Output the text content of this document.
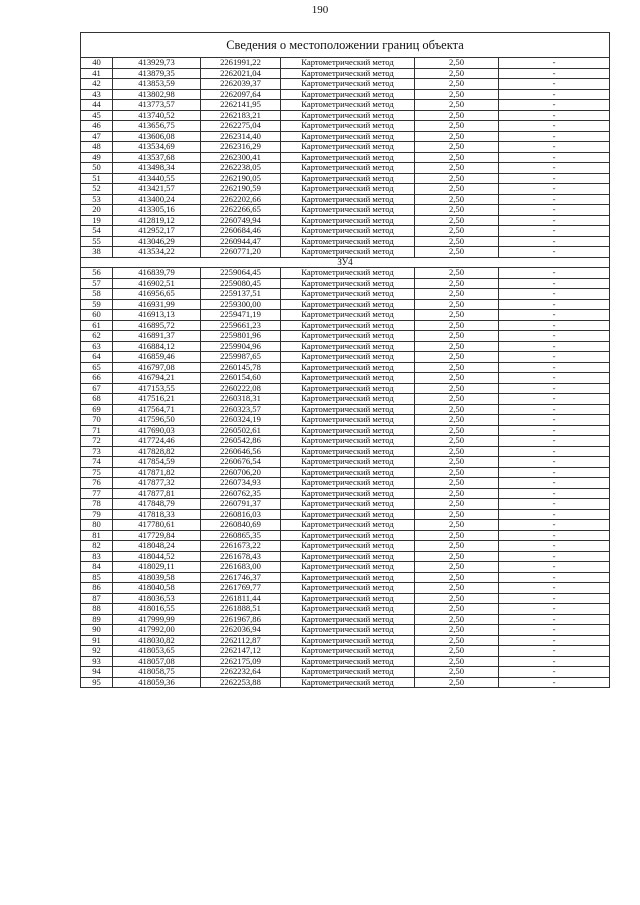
190
Сведения о местоположении границ объекта					
40	413929,73	2261991,22	Картометрический метод	2,50	-
41	413879,35	2262021,04	Картометрический метод	2,50	-
42	413853,59	2262039,37	Картометрический метод	2,50	-
43	413802,98	2262097,64	Картометрический метод	2,50	-
44	413773,57	2262141,95	Картометрический метод	2,50	-
45	413740,52	2262183,21	Картометрический метод	2,50	-
46	413656,75	2262275,04	Картометрический метод	2,50	-
47	413606,08	2262314,40	Картометрический метод	2,50	-
48	413534,69	2262316,29	Картометрический метод	2,50	-
49	413537,68	2262300,41	Картометрический метод	2,50	-
50	413498,34	2262238,05	Картометрический метод	2,50	-
51	413440,55	2262190,05	Картометрический метод	2,50	-
52	413421,57	2262190,59	Картометрический метод	2,50	-
53	413400,24	2262202,66	Картометрический метод	2,50	-
20	413305,16	2262266,65	Картометрический метод	2,50	-
19	412819,12	2260749,94	Картометрический метод	2,50	-
54	412952,17	2260684,46	Картометрический метод	2,50	-
55	413046,29	2260944,47	Картометрический метод	2,50	-
38	413534,22	2260771,20	Картометрический метод	2,50	-
ЗУ4					
56	416839,79	2259064,45	Картометрический метод	2,50	-
57	416902,51	2259080,45	Картометрический метод	2,50	-
58	416956,65	2259137,51	Картометрический метод	2,50	-
59	416931,99	2259300,00	Картометрический метод	2,50	-
60	416913,13	2259471,19	Картометрический метод	2,50	-
61	416895,72	2259661,23	Картометрический метод	2,50	-
62	416891,37	2259801,96	Картометрический метод	2,50	-
63	416884,12	2259904,96	Картометрический метод	2,50	-
64	416859,46	2259987,65	Картометрический метод	2,50	-
65	416797,08	2260145,78	Картометрический метод	2,50	-
66	416794,21	2260154,60	Картометрический метод	2,50	-
67	417153,55	2260222,08	Картометрический метод	2,50	-
68	417516,21	2260318,31	Картометрический метод	2,50	-
69	417564,71	2260323,57	Картометрический метод	2,50	-
70	417596,50	2260324,19	Картометрический метод	2,50	-
71	417690,03	2260502,61	Картометрический метод	2,50	-
72	417724,46	2260542,86	Картометрический метод	2,50	-
73	417828,82	2260646,56	Картометрический метод	2,50	-
74	417854,59	2260676,54	Картометрический метод	2,50	-
75	417871,82	2260706,20	Картометрический метод	2,50	-
76	417877,32	2260734,93	Картометрический метод	2,50	-
77	417877,81	2260762,35	Картометрический метод	2,50	-
78	417848,79	2260791,37	Картометрический метод	2,50	-
79	417818,33	2260816,03	Картометрический метод	2,50	-
80	417780,61	2260840,69	Картометрический метод	2,50	-
81	417729,84	2260865,35	Картометрический метод	2,50	-
82	418048,24	2261673,22	Картометрический метод	2,50	-
83	418044,52	2261678,43	Картометрический метод	2,50	-
84	418029,11	2261683,00	Картометрический метод	2,50	-
85	418039,58	2261746,37	Картометрический метод	2,50	-
86	418040,58	2261769,77	Картометрический метод	2,50	-
87	418036,53	2261811,44	Картометрический метод	2,50	-
88	418016,55	2261888,51	Картометрический метод	2,50	-
89	417999,99	2261967,86	Картометрический метод	2,50	-
90	417992,00	2262036,94	Картометрический метод	2,50	-
91	418030,82	2262112,87	Картометрический метод	2,50	-
92	418053,65	2262147,12	Картометрический метод	2,50	-
93	418057,08	2262175,09	Картометрический метод	2,50	-
94	418058,75	2262232,64	Картометрический метод	2,50	-
95	418059,36	2262253,88	Картометрический метод	2,50	-
